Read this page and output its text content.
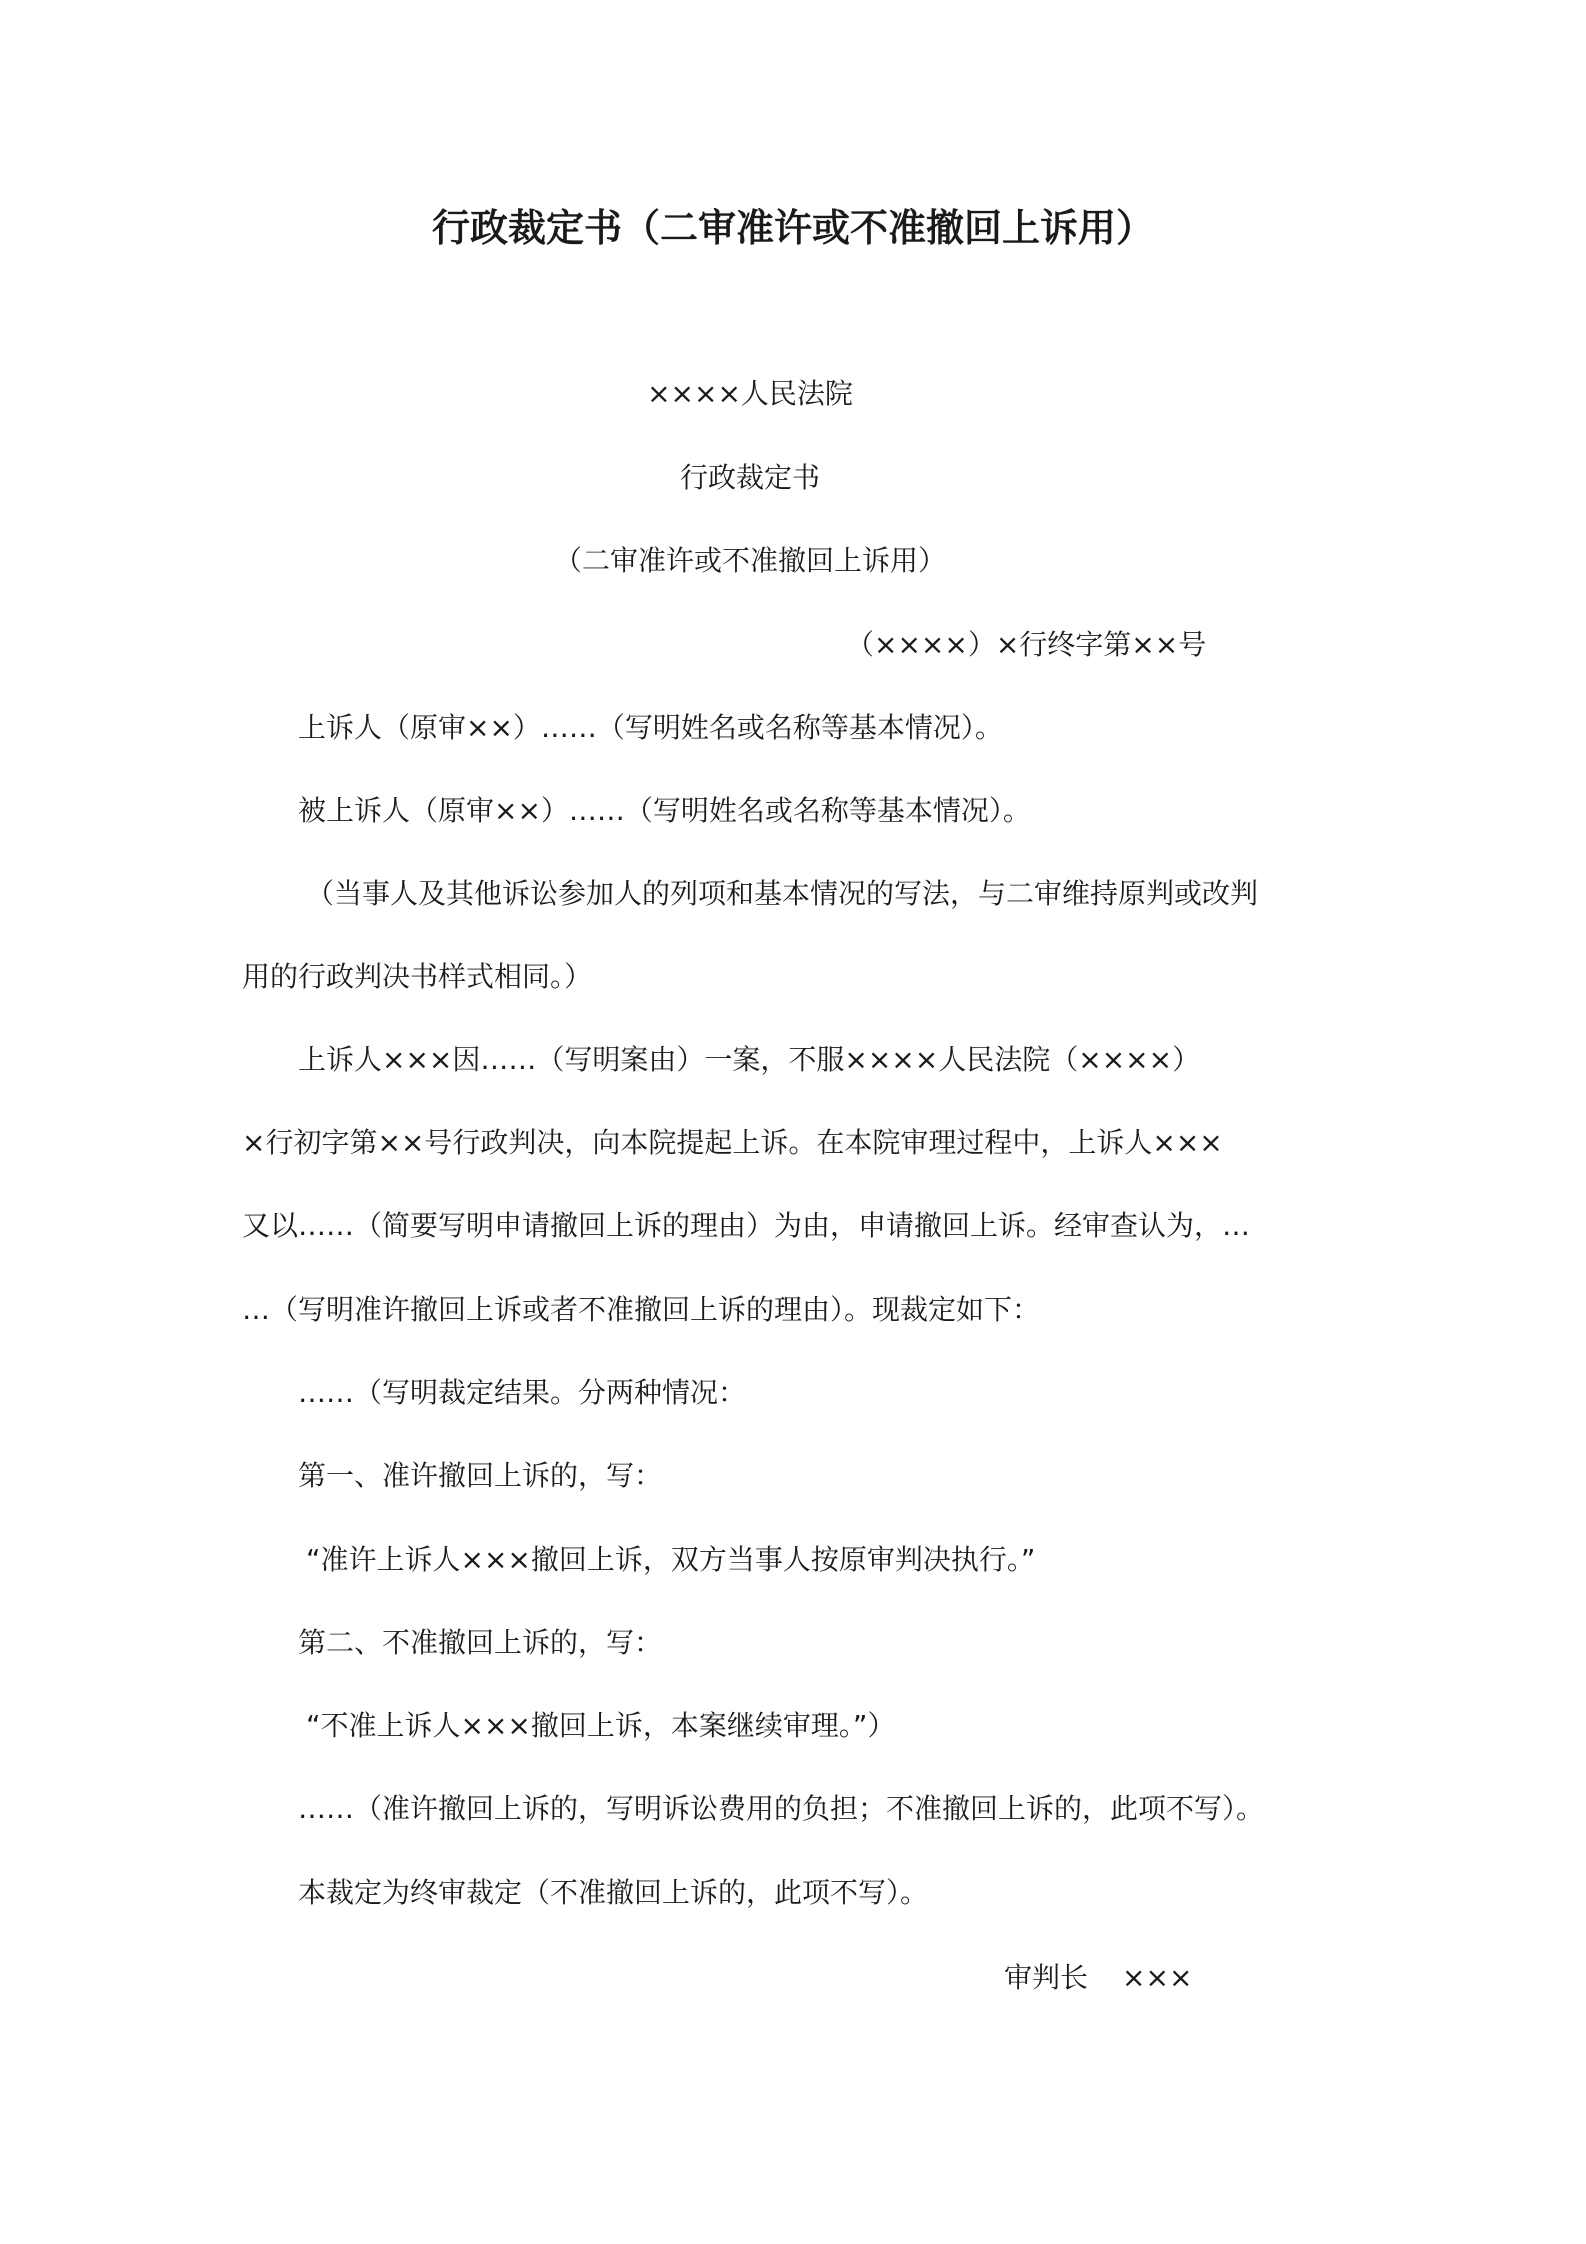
行政裁定书（二审准许或不准撤回上诉用）
××××人民法院
行政裁定书
（二审准许或不准撤回上诉用）
（××××）×行终字第××号
上诉人（原审××）……（写明姓名或名称等基本情况）。
被上诉人（原审××）……（写明姓名或名称等基本情况）。
（当事人及其他诉讼参加人的列项和基本情况的写法，与二审维持原判或改判
用的行政判决书样式相同。）
上诉人×××因……（写明案由）一案，不服××××人民法院（××××）
×行初字第××号行政判决，向本院提起上诉。在本院审理过程中，上诉人×××
又以……（简要写明申请撤回上诉的理由）为由，申请撤回上诉。经审查认为，…
…（写明准许撤回上诉或者不准撤回上诉的理由）。现裁定如下：
……（写明裁定结果。分两种情况：
第一、准许撤回上诉的，写：
“准许上诉人×××撤回上诉，双方当事人按原审判决执行。”
第二、不准撤回上诉的，写：
“不准上诉人×××撤回上诉，本案继续审理。”）
……（准许撤回上诉的，写明诉讼费用的负担；不准撤回上诉的，此项不写）。
本裁定为终审裁定（不准撤回上诉的，此项不写）。
审判长 ×××
